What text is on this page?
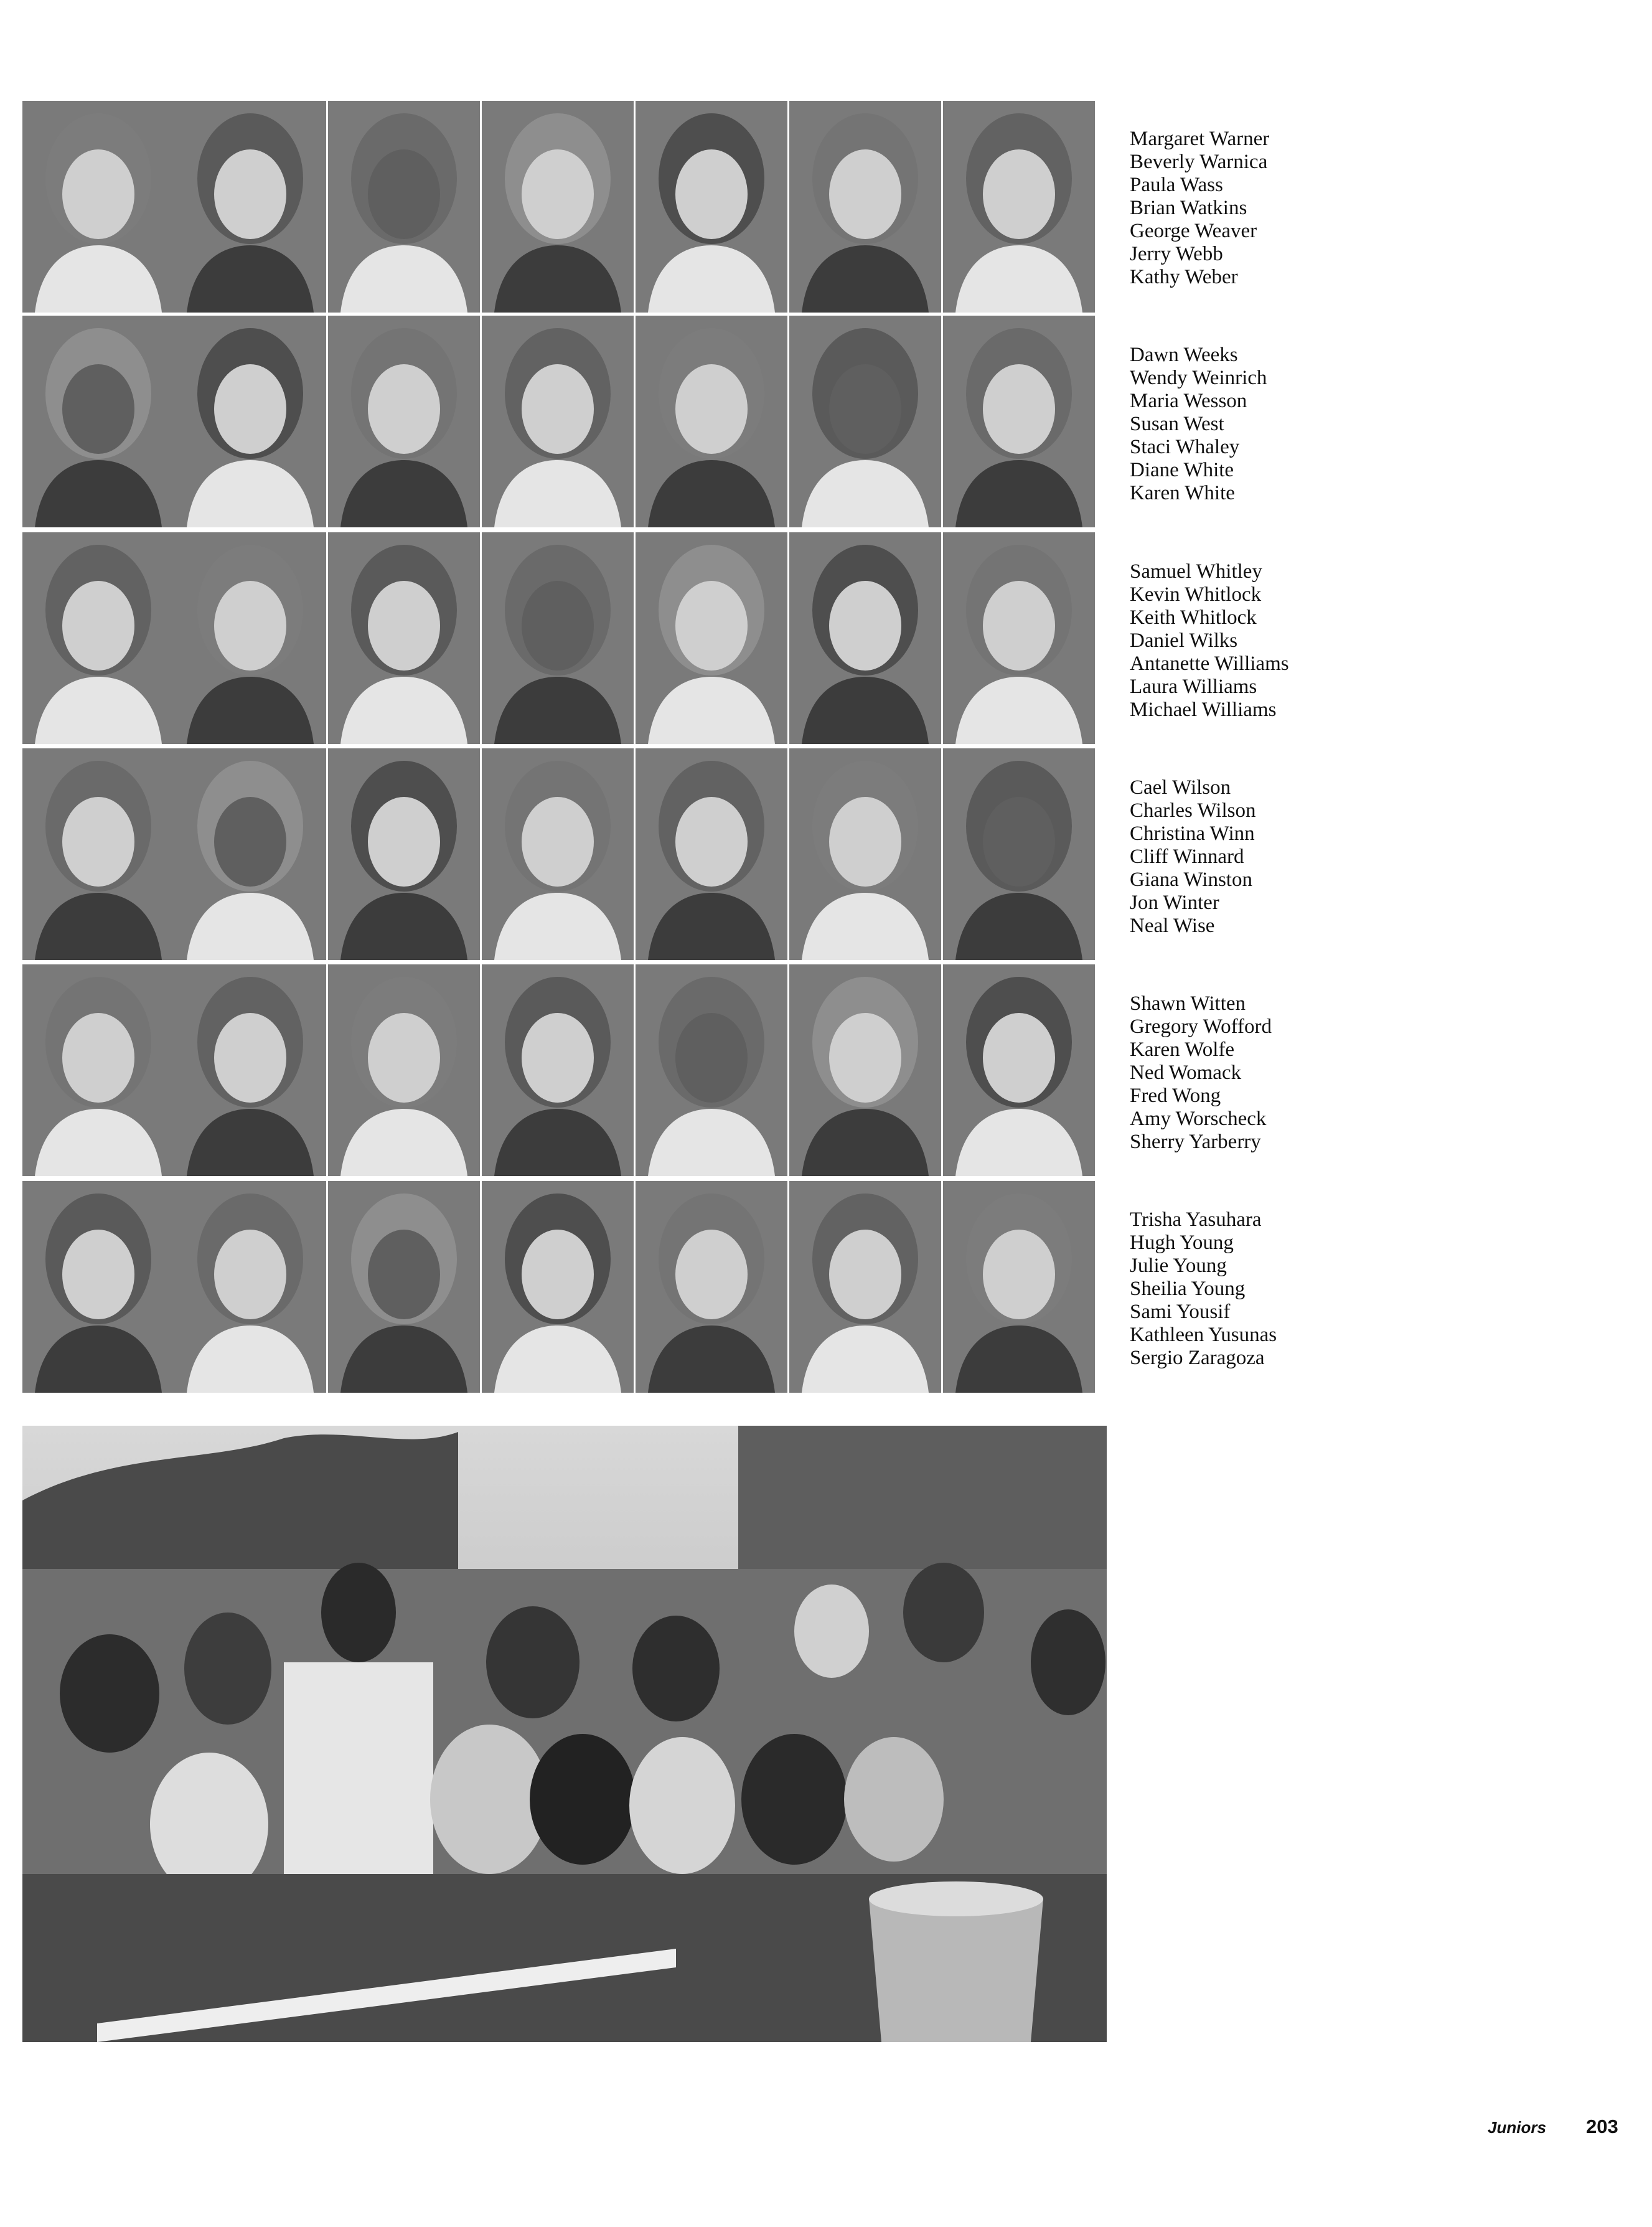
Margaret Warner
Beverly Warnica
Paula Wass
Brian Watkins
George Weaver
Jerry Webb
Kathy Weber
Dawn Weeks
Wendy Weinrich
Maria Wesson
Susan West
Staci Whaley
Diane White
Karen White
Samuel Whitley
Kevin Whitlock
Keith Whitlock
Daniel Wilks
Antanette Williams
Laura Williams
Michael Williams
Cael Wilson
Charles Wilson
Christina Winn
Cliff Winnard
Giana Winston
Jon Winter
Neal Wise
Shawn Witten
Gregory Wofford
Karen Wolfe
Ned Womack
Fred Wong
Amy Worscheck
Sherry Yarberry
Trisha Yasuhara
Hugh Young
Julie Young
Sheilia Young
Sami Yousif
Kathleen Yusunas
Sergio Zaragoza
Juniors 203
